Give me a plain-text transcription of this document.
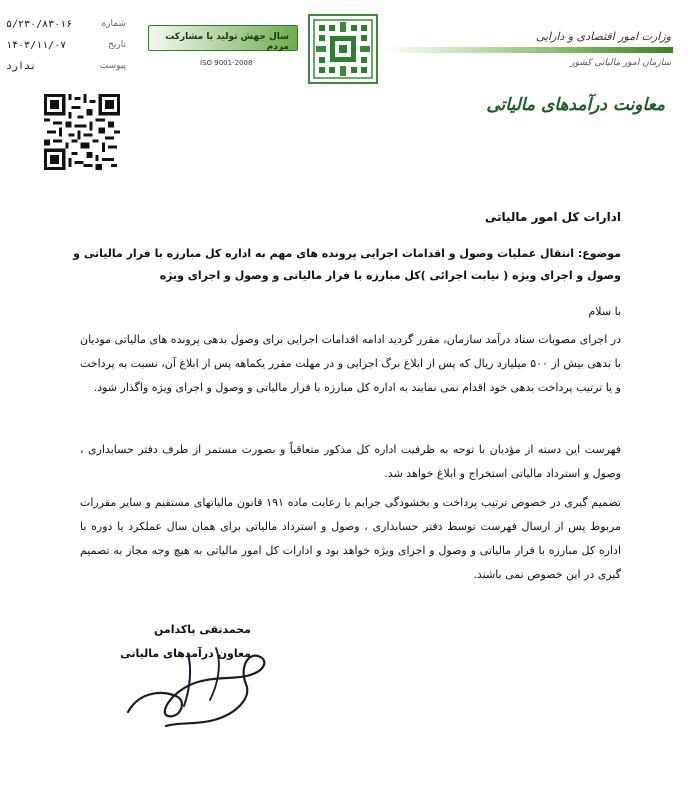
شماره
۵/۲۳۰/۸۳۰۱۶
تاریخ
۱۴۰۳/۱۱/۰۷
پیوست
ندارد
سال جهش تولید با مشارکت مردم
ISO 9001-2008
وزارت امور اقتصادی و دارایی
سازمان امور مالیاتی کشور
معاونت درآمدهای مالیاتی
ادارات کل امور مالیاتی
موضوع: انتقال عملیات وصول و اقدامات اجرایی پرونده های مهم به اداره کل مبارزه با فرار مالیاتی و وصول و اجرای ویژه ( نیابت اجرائی )کل مبارزه با فرار مالیاتی و وصول و اجرای ویژه
با سلام
در اجرای مصوبات ستاد درآمد سازمان، مقرر گردید ادامه اقدامات اجرایی برای وصول بدهی پرونده های مالیاتی مودیان با بدهی بیش از ۵۰۰ میلیارد ریال که پس از ابلاغ برگ اجرایی و در مهلت مقرر یکماهه پس از ابلاغ آن، نسبت به پرداخت و یا ترتیب پرداخت بدهی خود اقدام نمی نمایند به اداره کل مبارزه با فرار مالیاتی و وصول و اجرای ویژه واگذار شود.
فهرست این دسته از مؤدیان با توجه به ظرفیت اداره کل مذکور متعاقباً و بصورت مستمر از طرف دفتر حسابداری ، وصول و استرداد مالیاتی استخراج و ابلاغ خواهد شد.
تصمیم گیری در خصوص ترتیب پرداخت و بخشودگی جرایم با رعایت ماده ۱۹۱ قانون مالیاتهای مستقیم و سایر مقررات مربوط پس از ارسال فهرست توسط دفتر حسابداری ، وصول و استرداد مالیاتی برای همان سال عملکرد یا دوره با اداره کل مبارزه با فرار مالیاتی و وصول و اجرای ویژه خواهد بود و ادارات کل امور مالیاتی به هیچ وجه مجاز به تصمیم گیری در این خصوص نمی باشند.
محمدتقی پاکدامن
معاون درآمدهای مالیاتی
